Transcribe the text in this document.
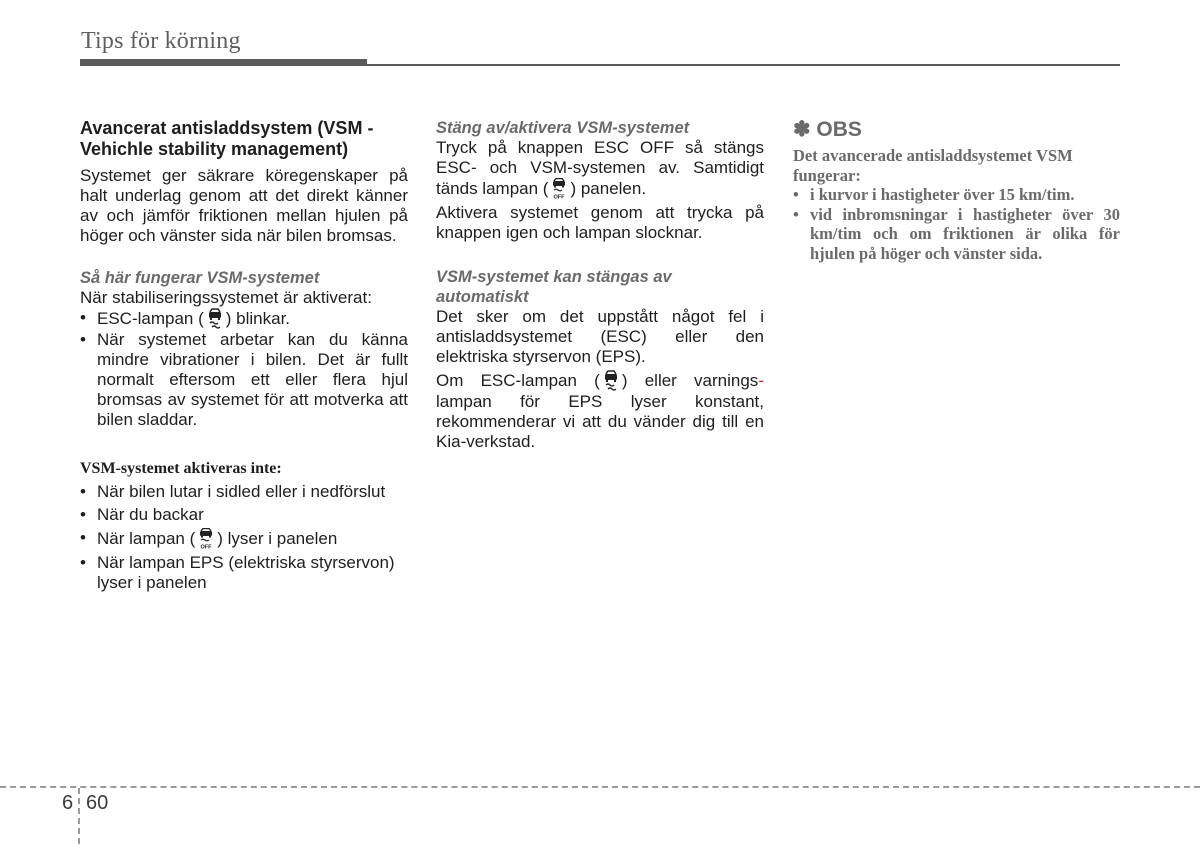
Tips för körning

Avancerat antisladdsystem (VSM - Vehichle stability management)

Systemet ger säkrare köregenskaper på halt underlag genom att det direkt känner av och jämför friktionen mellan hjulen på höger och vänster sida när bilen bromsas.

Så här fungerar VSM-systemet

När stabiliseringssystemet är aktiverat:

• ESC-lampan ( ) blinkar.
• När systemet arbetar kan du känna mindre vibrationer i bilen. Det är fullt normalt eftersom ett eller flera hjul bromsas av systemet för att motverka att bilen sladdar.

VSM-systemet aktiveras inte:

• När bilen lutar i sidled eller i nedförslut
• När du backar
• När lampan ( OFF ) lyser i panelen
• När lampan EPS (elektriska styrservon) lyser i panelen

Stäng av/aktivera VSM-systemet

Tryck på knappen ESC OFF så stängs ESC- och VSM-systemen av. Samtidigt tänds lampan ( OFF ) panelen.

Aktivera systemet genom att trycka på knappen igen och lampan slocknar.

VSM-systemet kan stängas av automatiskt

Det sker om det uppstått något fel i antisladdsystemet (ESC) eller den elektriska styrservon (EPS).

Om ESC-lampan ( ) eller varnings- lampan för EPS lyser konstant, rekommenderar vi att du vänder dig till en Kia-verkstad.

✽ OBS

Det avancerade antisladdsystemet VSM fungerar:

• i kurvor i hastigheter över 15 km/tim.
• vid inbromsningar i hastigheter över 30 km/tim och om friktionen är olika för hjulen på höger och vänster sida.
6 60
